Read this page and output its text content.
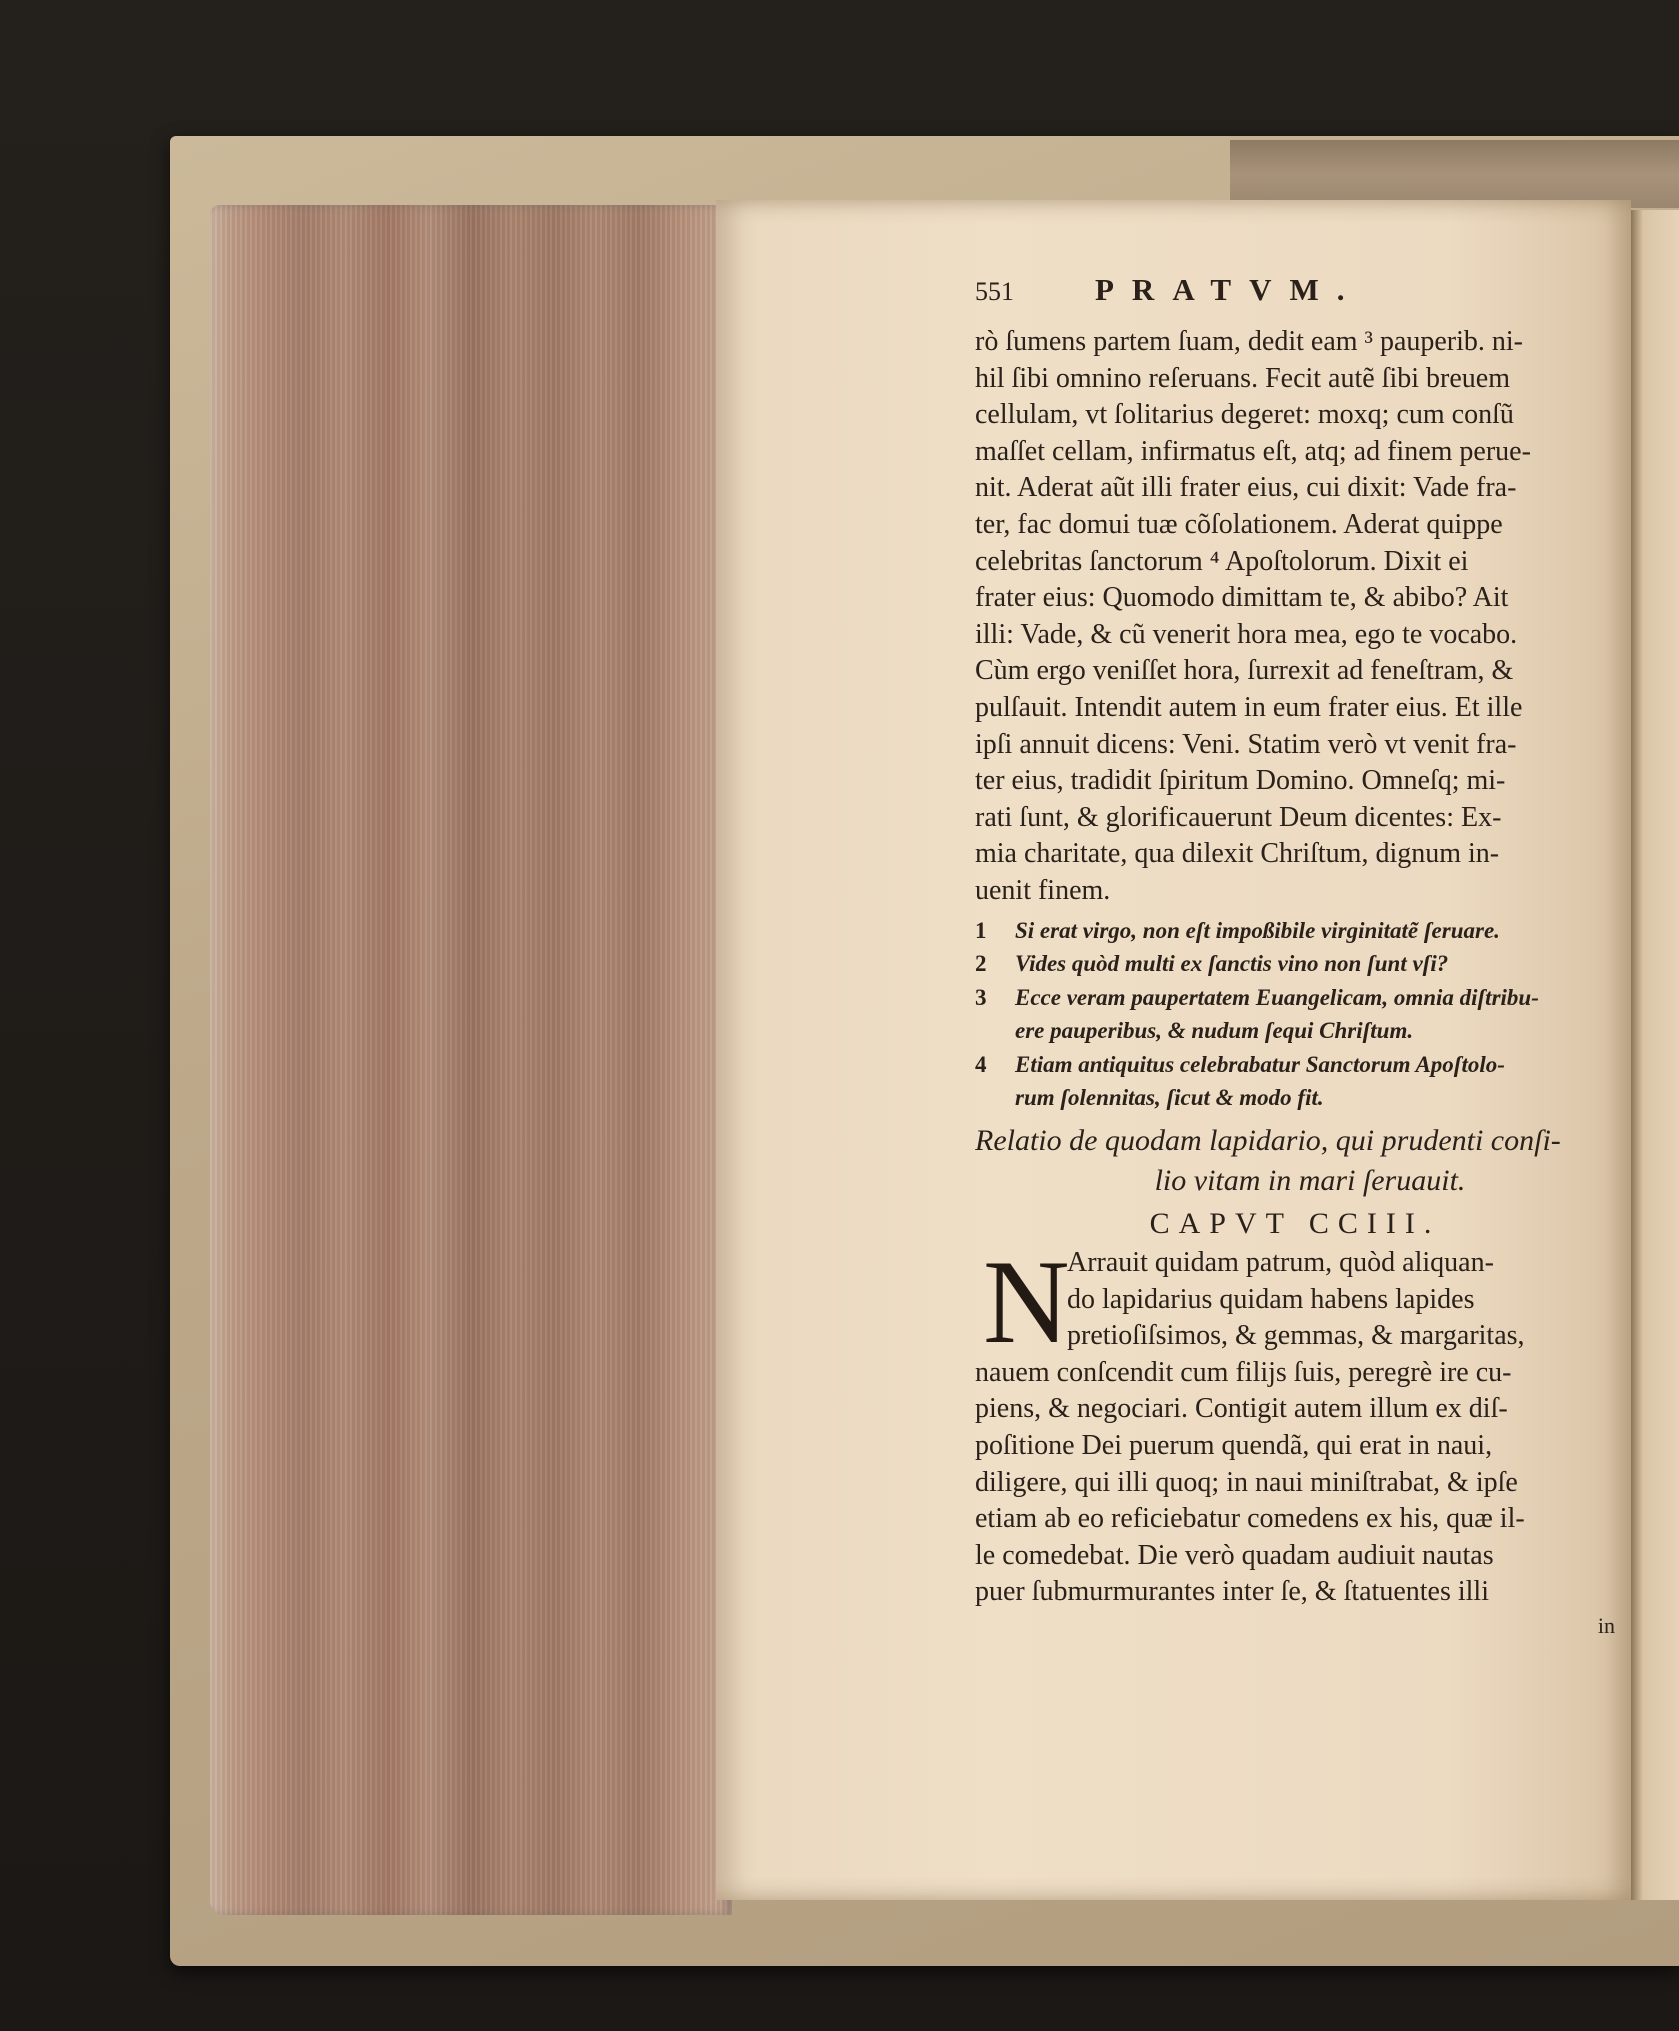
551	PRATVM.
rò ſumens partem ſuam, dedit eam ³ pauperib. ni-
hil ſibi omnino reſeruans. Fecit autẽ ſibi breuem
cellulam, vt ſolitarius degeret: moxq; cum conſũ
maſſet cellam, infirmatus eſt, atq; ad finem perue-
nit. Aderat aũt illi frater eius, cui dixit: Vade fra-
ter, fac domui tuæ cõſolationem. Aderat quippe
celebritas ſanctorum ⁴ Apoſtolorum. Dixit ei
frater eius: Quomodo dimittam te, & abibo? Ait
illi: Vade, & cũ venerit hora mea, ego te vocabo.
Cùm ergo veniſſet hora, ſurrexit ad feneſtram, &
pulſauit. Intendit autem in eum frater eius. Et ille
ipſi annuit dicens: Veni. Statim verò vt venit fra-
ter eius, tradidit ſpiritum Domino. Omneſq; mi-
rati ſunt, & glorificauerunt Deum dicentes: Ex-
mia charitate, qua dilexit Chriſtum, dignum in-
uenit finem.
1	Si erat virgo, non eſt impoßibile virginitatẽ ſeruare.
2	Vides quòd multi ex ſanctis vino non ſunt vſi?
3	Ecce veram paupertatem Euangelicam, omnia diſtribu-
ere pauperibus, & nudum ſequi Chriſtum.
4	Etiam antiquitus celebrabatur Sanctorum Apoſtolo-
rum ſolennitas, ſicut & modo fit.
Relatio de quodam lapidario, qui prudenti conſi-
lio vitam in mari ſeruauit.
CAPVT CCIII.
N
Arrauit quidam patrum, quòd aliquan-
do lapidarius quidam habens lapides
pretioſiſsimos, & gemmas, & margaritas,
nauem conſcendit cum filijs ſuis, peregrè ire cu-
piens, & negociari. Contigit autem illum ex diſ-
poſitione Dei puerum quendã, qui erat in naui,
diligere, qui illi quoq; in naui miniſtrabat, & ipſe
etiam ab eo reficiebatur comedens ex his, quæ il-
le comedebat. Die verò quadam audiuit nautas
puer ſubmurmurantes inter ſe, & ſtatuentes illi
in
